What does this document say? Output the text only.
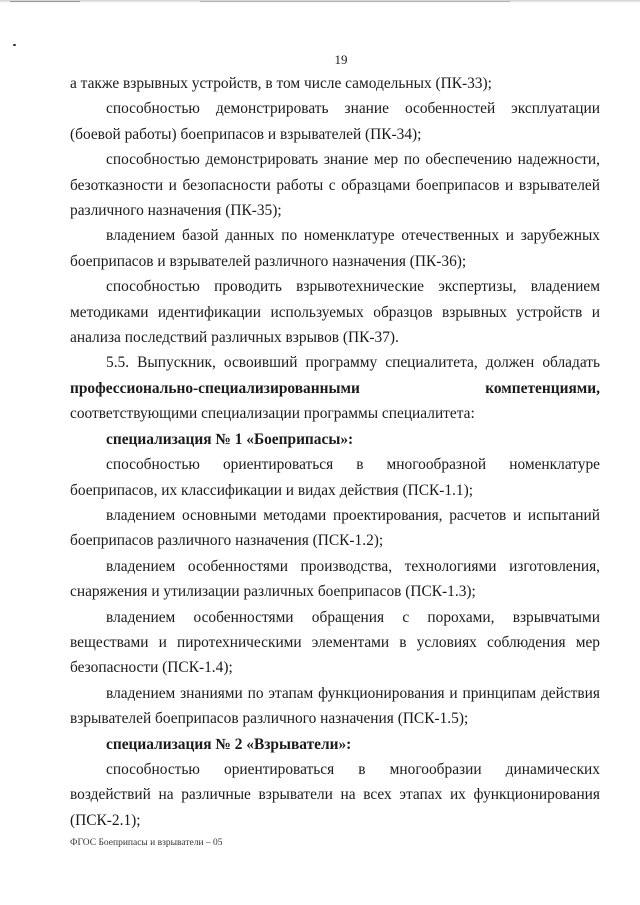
19

а также взрывных устройств, в том числе самодельных (ПК-33);

способностью демонстрировать знание особенностей эксплуатации (боевой работы) боеприпасов и взрывателей (ПК-34);

способностью демонстрировать знание мер по обеспечению надежности, безотказности и безопасности работы с образцами боеприпасов и взрывателей различного назначения (ПК-35);

владением базой данных по номенклатуре отечественных и зарубежных боеприпасов и взрывателей различного назначения (ПК-36);

способностью проводить взрывотехнические экспертизы, владением методиками идентификации используемых образцов взрывных устройств и анализа последствий различных взрывов (ПК-37).

5.5. Выпускник, освоивший программу специалитета, должен обладать профессионально-специализированными компетенциями, соответствующими специализации программы специалитета:

специализация № 1 «Боеприпасы»:

способностью ориентироваться в многообразной номенклатуре боеприпасов, их классификации и видах действия (ПСК-1.1);

владением основными методами проектирования, расчетов и испытаний боеприпасов различного назначения (ПСК-1.2);

владением особенностями производства, технологиями изготовления, снаряжения и утилизации различных боеприпасов (ПСК-1.3);

владением особенностями обращения с порохами, взрывчатыми веществами и пиротехническими элементами в условиях соблюдения мер безопасности (ПСК-1.4);

владением знаниями по этапам функционирования и принципам действия взрывателей боеприпасов различного назначения (ПСК-1.5);

специализация № 2 «Взрыватели»:

способностью ориентироваться в многообразии динамических воздействий на различные взрыватели на всех этапах их функционирования (ПСК-2.1);

ФГОС Боеприпасы и взрыватели – 05
